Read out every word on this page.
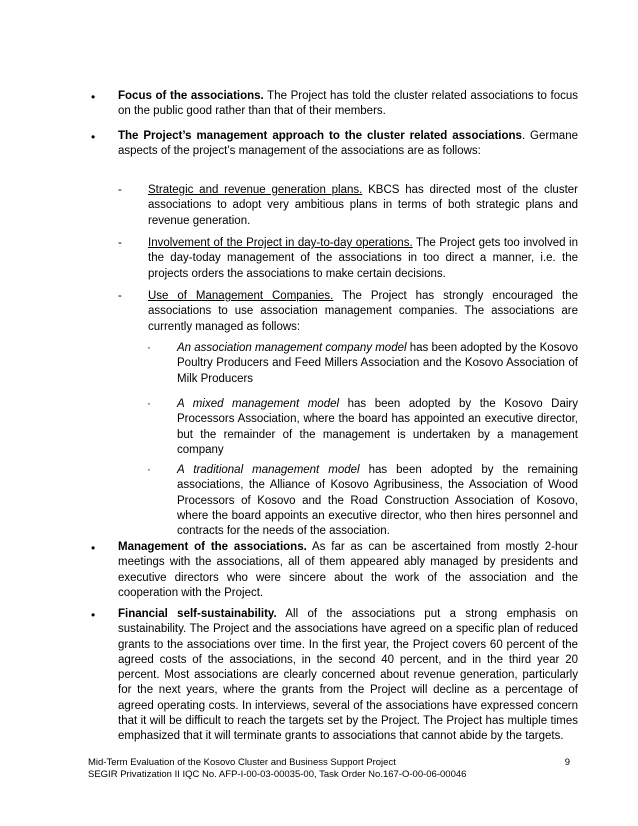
• Focus of the associations. The Project has told the cluster related associations to focus on the public good rather than that of their members.
• The Project’s management approach to the cluster related associations. Germane aspects of the project’s management of the associations are as follows:
- Strategic and revenue generation plans. KBCS has directed most of the cluster associations to adopt very ambitious plans in terms of both strategic plans and revenue generation.
- Involvement of the Project in day-to-day operations. The Project gets too involved in the day-today management of the associations in too direct a manner, i.e. the projects orders the associations to make certain decisions.
- Use of Management Companies. The Project has strongly encouraged the associations to use association management companies. The associations are currently managed as follows:
· An association management company model has been adopted by the Kosovo Poultry Producers and Feed Millers Association and the Kosovo Association of Milk Producers
· A mixed management model has been adopted by the Kosovo Dairy Processors Association, where the board has appointed an executive director, but the remainder of the management is undertaken by a management company
· A traditional management model has been adopted by the remaining associations, the Alliance of Kosovo Agribusiness, the Association of Wood Processors of Kosovo and the Road Construction Association of Kosovo, where the board appoints an executive director, who then hires personnel and contracts for the needs of the association.
• Management of the associations. As far as can be ascertained from mostly 2-hour meetings with the associations, all of them appeared ably managed by presidents and executive directors who were sincere about the work of the association and the cooperation with the Project.
• Financial self-sustainability. All of the associations put a strong emphasis on sustainability. The Project and the associations have agreed on a specific plan of reduced grants to the associations over time. In the first year, the Project covers 60 percent of the agreed costs of the associations, in the second 40 percent, and in the third year 20 percent. Most associations are clearly concerned about revenue generation, particularly for the next years, where the grants from the Project will decline as a percentage of agreed operating costs. In interviews, several of the associations have expressed concern that it will be difficult to reach the targets set by the Project. The Project has multiple times emphasized that it will terminate grants to associations that cannot abide by the targets.
Mid-Term Evaluation of the Kosovo Cluster and Business Support Project	9
SEGIR Privatization II IQC No. AFP-I-00-03-00035-00, Task Order No.167-O-00-06-00046
